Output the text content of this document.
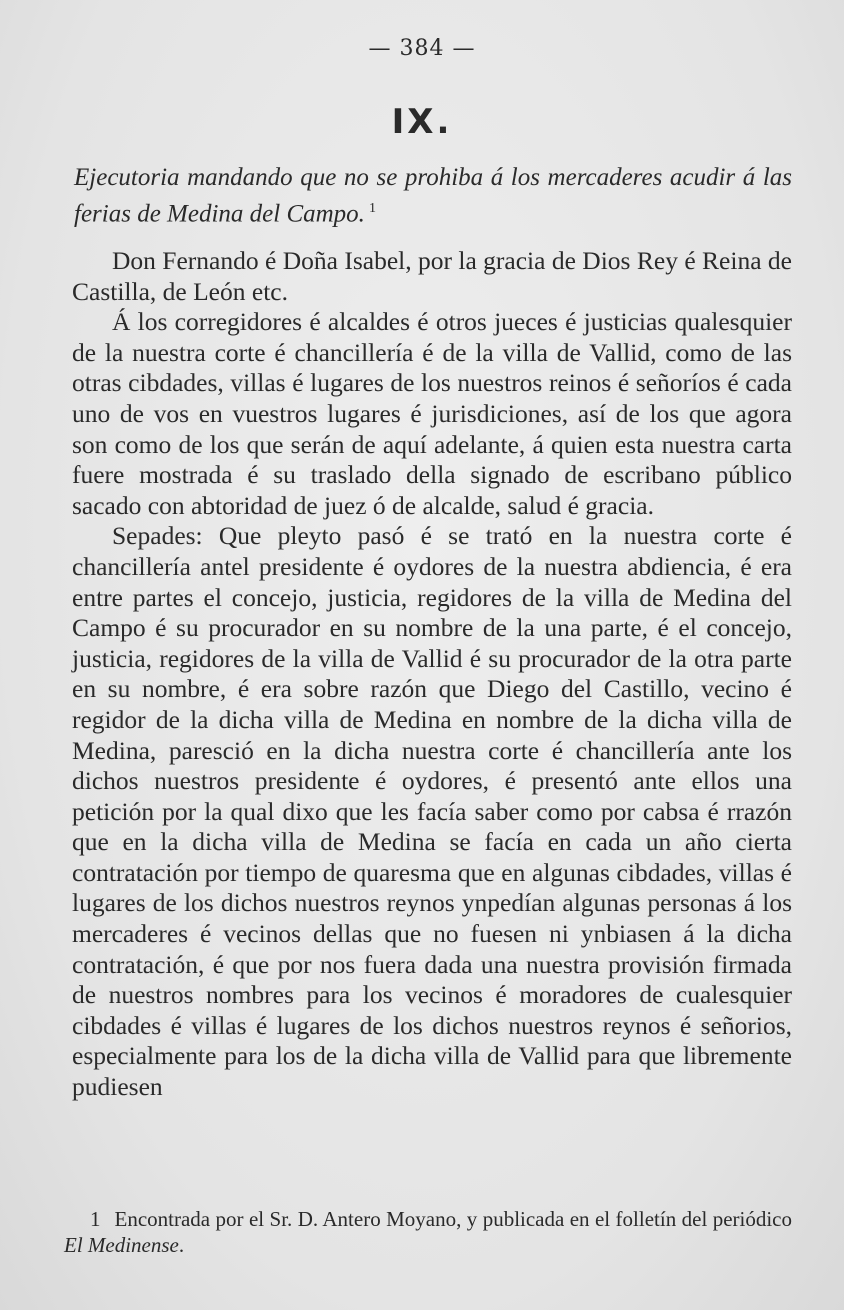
— 384 —
IX.
Ejecutoria mandando que no se prohiba á los mercaderes acudir á las ferias de Medina del Campo. $^1$

Don Fernando é Doña Isabel, por la gracia de Dios Rey é Reina de Castilla, de León etc.

Á los corregidores é alcaldes é otros jueces é justicias qualesquier de la nuestra corte é chancillería é de la villa de Vallid, como de las otras cibdades, villas é lugares de los nuestros reinos é señoríos é cada uno de vos en vuestros lugares é jurisdiciones, así de los que agora son como de los que serán de aquí adelante, á quien esta nuestra carta fuere mostrada é su traslado della signado de escribano público sacado con abtoridad de juez ó de alcalde, salud é gracia.

Sepades: Que pleyto pasó é se trató en la nuestra corte é chancillería antel presidente é oydores de la nuestra abdiencia, é era entre partes el concejo, justicia, regidores de la villa de Medina del Campo é su procurador en su nombre de la una parte, é el concejo, justicia, regidores de la villa de Vallid é su procurador de la otra parte en su nombre, é era sobre razón que Diego del Castillo, vecino é regidor de la dicha villa de Medina en nombre de la dicha villa de Medina, paresció en la dicha nuestra corte é chancillería ante los dichos nuestros presidente é oydores, é presentó ante ellos una petición por la qual dixo que les facía saber como por cabsa é rrazón que en la dicha villa de Medina se facía en cada un año cierta contratación por tiempo de quaresma que en algunas cibdades, villas é lugares de los dichos nuestros reynos ynpedían algunas personas á los mercaderes é vecinos dellas que no fuesen ni ynbiasen á la dicha contratación, é que por nos fuera dada una nuestra provisión firmada de nuestros nombres para los vecinos é moradores de cualesquier cibdades é villas é lugares de los dichos nuestros reynos é señorios, especialmente para los de la dicha villa de Vallid para que libremente pudiesen

1 Encontrada por el Sr. D. Antero Moyano, y publicada en el folletín del periódico El Medinense.
